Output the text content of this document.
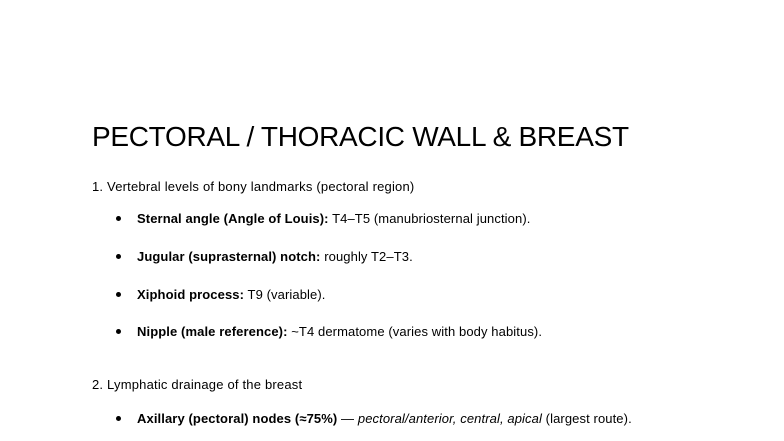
PECTORAL / THORACIC WALL & BREAST
1. Vertebral levels of bony landmarks (pectoral region)
Sternal angle (Angle of Louis): T4–T5 (manubriosternal junction).
Jugular (suprasternal) notch: roughly T2–T3.
Xiphoid process: T9 (variable).
Nipple (male reference): ~T4 dermatome (varies with body habitus).
2. Lymphatic drainage of the breast
Axillary (pectoral) nodes (≈75%) — pectoral/anterior, central, apical (largest route).
